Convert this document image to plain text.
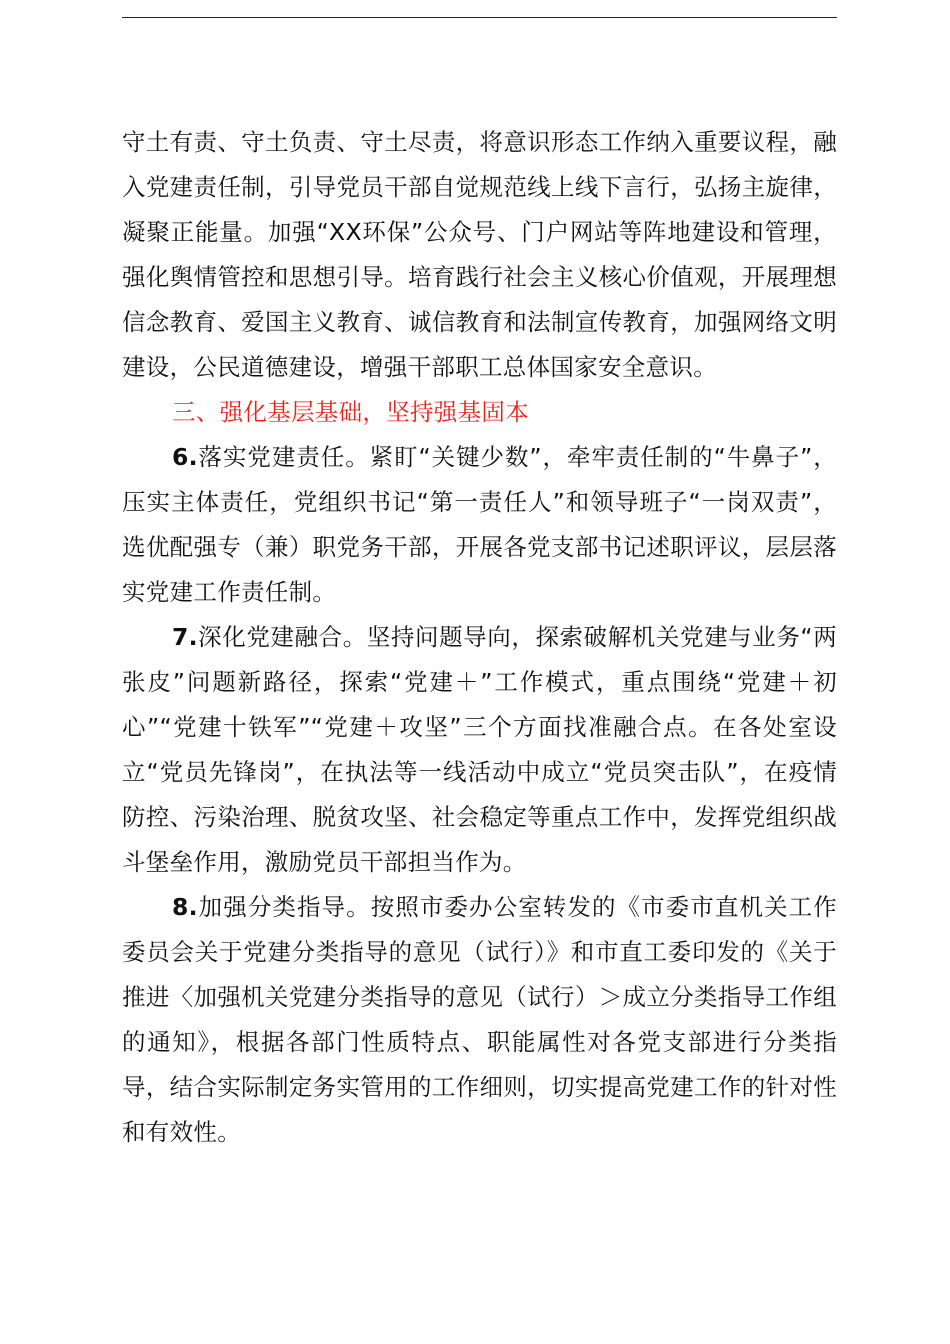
守土有责、守土负责、守土尽责，将意识形态工作纳入重要议程，融入党建责任制，引导党员干部自觉规范线上线下言行，弘扬主旋律，凝聚正能量。加强“XX环保”公众号、门户网站等阵地建设和管理，强化舆情管控和思想引导。培育践行社会主义核心价值观，开展理想信念教育、爱国主义教育、诚信教育和法制宣传教育，加强网络文明建设，公民道德建设，增强干部职工总体国家安全意识。

三、强化基层基础，坚持强基固本

6.落实党建责任。紧盯“关键少数”，牵牢责任制的“牛鼻子”，压实主体责任，党组织书记“第一责任人”和领导班子“一岗双责”，选优配强专（兼）职党务干部，开展各党支部书记述职评议，层层落实党建工作责任制。

7.深化党建融合。坚持问题导向，探索破解机关党建与业务“两张皮”问题新路径，探索“党建＋”工作模式，重点围绕“党建＋初心”“党建十铁军”“党建＋攻坚”三个方面找准融合点。在各处室设立“党员先锋岗”，在执法等一线活动中成立“党员突击队”，在疫情防控、污染治理、脱贫攻坚、社会稳定等重点工作中，发挥党组织战斗堡垒作用，激励党员干部担当作为。

8.加强分类指导。按照市委办公室转发的《市委市直机关工作委员会关于党建分类指导的意见（试行）》和市直工委印发的《关于推进〈加强机关党建分类指导的意见（试行）＞成立分类指导工作组的通知》，根据各部门性质特点、职能属性对各党支部进行分类指导，结合实际制定务实管用的工作细则，切实提高党建工作的针对性和有效性。
